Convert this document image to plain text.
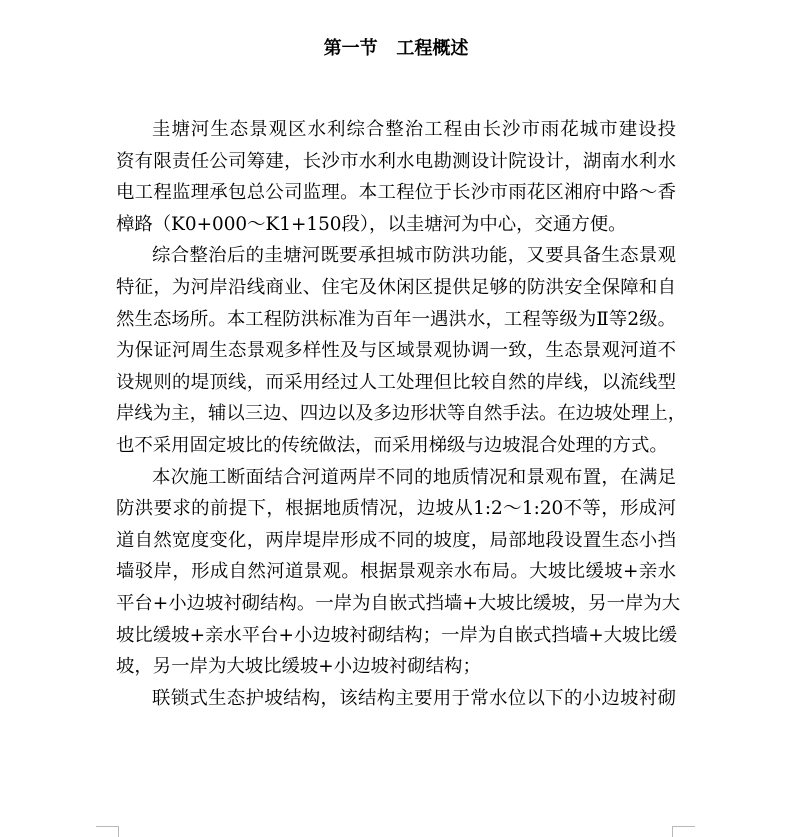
第一节   工程概述
圭塘河生态景观区水利综合整治工程由长沙市雨花城市建设投
资有限责任公司筹建，长沙市水利水电勘测设计院设计，湖南水利水
电工程监理承包总公司监理。本工程位于长沙市雨花区湘府中路～香
樟路（K0+000～K1+150段），以圭塘河为中心，交通方便。
综合整治后的圭塘河既要承担城市防洪功能，又要具备生态景观
特征，为河岸沿线商业、住宅及休闲区提供足够的防洪安全保障和自
然生态场所。本工程防洪标准为百年一遇洪水，工程等级为Ⅱ等2级。
为保证河周生态景观多样性及与区域景观协调一致，生态景观河道不
设规则的堤顶线，而采用经过人工处理但比较自然的岸线，以流线型
岸线为主，辅以三边、四边以及多边形状等自然手法。在边坡处理上，
也不采用固定坡比的传统做法，而采用梯级与边坡混合处理的方式。
本次施工断面结合河道两岸不同的地质情况和景观布置，在满足
防洪要求的前提下，根据地质情况，边坡从1:2～1:20不等，形成河
道自然宽度变化，两岸堤岸形成不同的坡度，局部地段设置生态小挡
墙驳岸，形成自然河道景观。根据景观亲水布局。大坡比缓坡+亲水
平台+小边坡衬砌结构。一岸为自嵌式挡墙+大坡比缓坡，另一岸为大
坡比缓坡+亲水平台+小边坡衬砌结构；一岸为自嵌式挡墙+大坡比缓
坡，另一岸为大坡比缓坡+小边坡衬砌结构；
联锁式生态护坡结构，该结构主要用于常水位以下的小边坡衬砌
